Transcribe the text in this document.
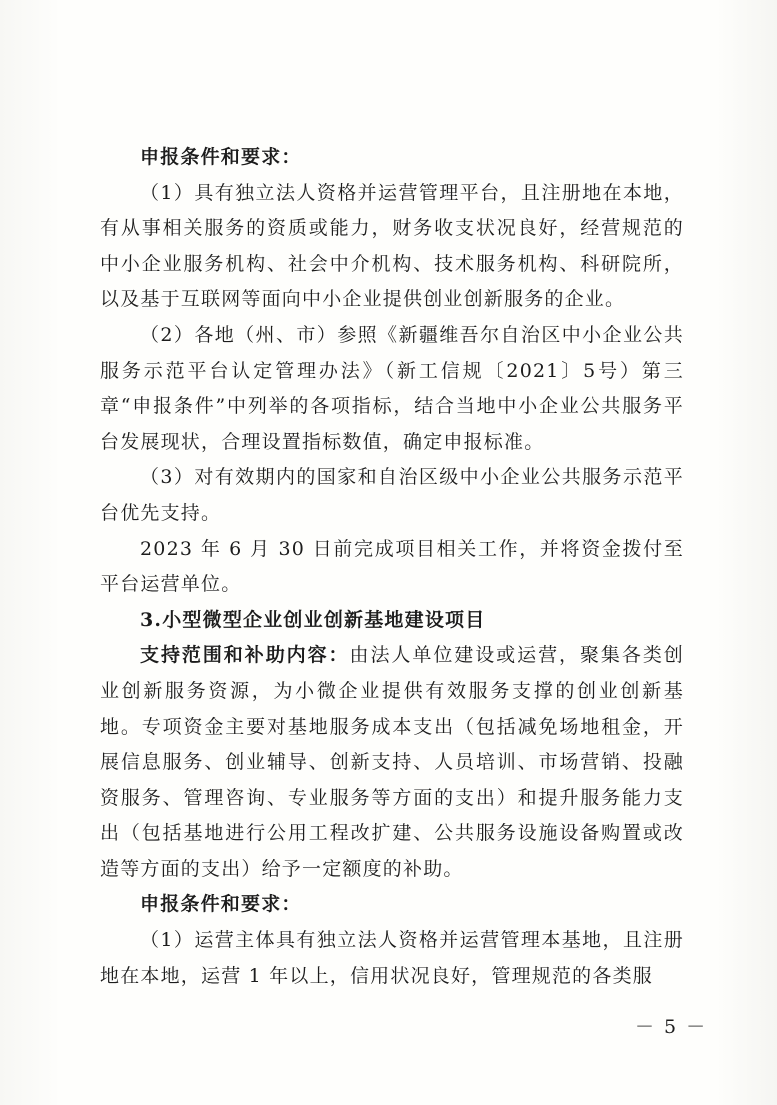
申报条件和要求：

（1）具有独立法人资格并运营管理平台，且注册地在本地，有从事相关服务的资质或能力，财务收支状况良好，经营规范的中小企业服务机构、社会中介机构、技术服务机构、科研院所，以及基于互联网等面向中小企业提供创业创新服务的企业。

（2）各地（州、市）参照《新疆维吾尔自治区中小企业公共服务示范平台认定管理办法》（新工信规〔2021〕5号）第三章“申报条件”中列举的各项指标，结合当地中小企业公共服务平台发展现状，合理设置指标数值，确定申报标准。

（3）对有效期内的国家和自治区级中小企业公共服务示范平台优先支持。

2023 年 6 月 30 日前完成项目相关工作，并将资金拨付至平台运营单位。

3.小型微型企业创业创新基地建设项目

支持范围和补助内容：由法人单位建设或运营，聚集各类创业创新服务资源，为小微企业提供有效服务支撑的创业创新基地。专项资金主要对基地服务成本支出（包括减免场地租金，开展信息服务、创业辅导、创新支持、人员培训、市场营销、投融资服务、管理咨询、专业服务等方面的支出）和提升服务能力支出（包括基地进行公用工程改扩建、公共服务设施设备购置或改造等方面的支出）给予一定额度的补助。

申报条件和要求：

（1）运营主体具有独立法人资格并运营管理本基地，且注册地在本地，运营 1 年以上，信用状况良好，管理规范的各类服

－ 5 －
